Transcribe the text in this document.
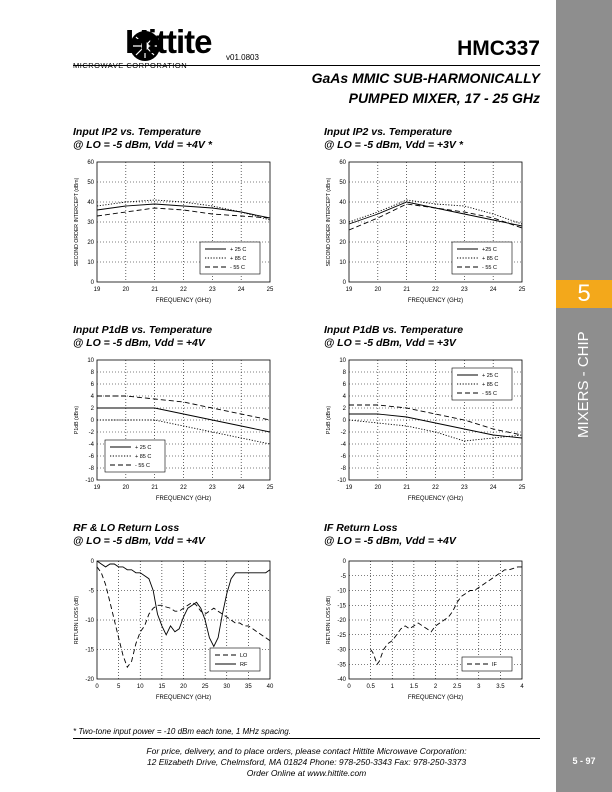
5
MIXERS - CHIP
5 - 97
Hittite v01.0803	HMC337
GaAs MMIC SUB-HARMONICALLY
PUMPED MIXER, 17 - 25 GHz
Input IP2 vs. Temperature
@ LO = -5 dBm, Vdd = +4V *
Input IP2 vs. Temperature
@ LO = -5 dBm, Vdd = +3V *
Input P1dB vs. Temperature
@ LO = -5 dBm, Vdd = +4V
Input P1dB vs. Temperature
@ LO = -5 dBm, Vdd = +3V
RF & LO Return Loss
@ LO = -5 dBm, Vdd = +4V
IF Return Loss
@ LO = -5 dBm, Vdd = +4V
19	20	21	22	23	24	25
0
10
20
30
40
50
60
FREQUENCY (GHz)
SECOND ORDER INTERCEPT (dBm)	+ 25 C
+ 85 C
- 55 C
19	20	21	22	23	24	25
0
10
20
30
40
50
60
FREQUENCY (GHz)
SECOND ORDER INTERCEPT (dBm)	+25 C
+ 85 C
- 55 C
19	20	21	22	23	24	25
10
8
6
4
2
0
-2
-4
-6
-8
-10
FREQUENCY (GHz)
P1dB (dBm)
+ 25 C
+ 85 C
- 55 C
19	20	21	22	23	24	25
10
8
6
4
2
0
-2
-4
-6
-8
-10
FREQUENCY (GHz)
P1dB (dBm)
+ 25 C
+ 85 C
- 55 C
0	5	10 15 20 25 30 35 40
0
-5
-10
-15
-20
FREQUENCY (GHz)
RETURN LOSS (dB)
LO
RF
0	0.5	1	1.5	2	2.5	3	3.5	4
0
-5
-10
-15
-20
-25
-30
-35
-40
FREQUENCY (GHz)
RETURN LOSS (dB)
IF
* Two-tone input power = -10 dBm each tone, 1 MHz spacing.
For price, delivery, and to place orders, please contact Hittite Microwave Corporation:
12 Elizabeth Drive, Chelmsford, MA 01824 Phone: 978-250-3343 Fax: 978-250-3373
Order Online at www.hittite.com
